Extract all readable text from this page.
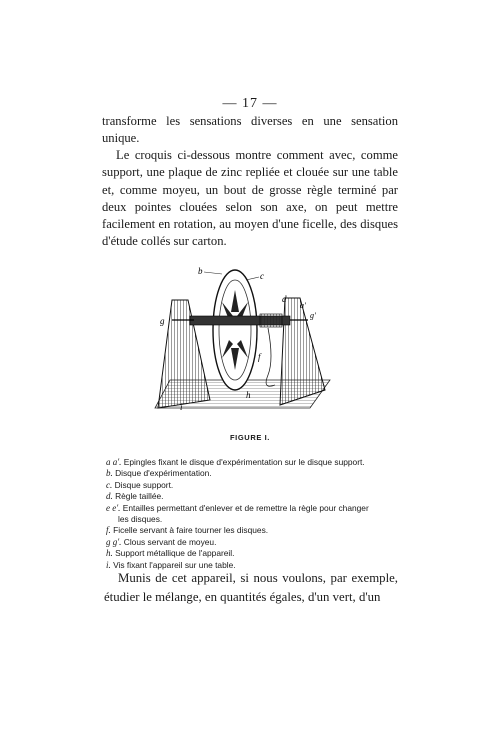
— 17 —

transforme les sensations diverses en une sensation unique.

Le croquis ci-dessous montre comment avec, comme support, une plaque de zinc repliée et clouée sur une table et, comme moyeu, un bout de grosse règle terminé par deux pointes clouées selon son axe, on peut mettre facilement en rotation, au moyen d'une ficelle, des disques d'étude collés sur carton.

b	c
d
a'
g'
g
f
h
i
FIGURE I.
a a'. Epingles fixant le disque d'expérimentation sur le disque support.
b. Disque d'expérimentation.
c. Disque support.
d. Règle taillée.
e e'. Entailles permettant d'enlever et de remettre la règle pour changer
les disques.
f. Ficelle servant à faire tourner les disques.
g g'. Clous servant de moyeu.
h. Support métallique de l'appareil.
i. Vis fixant l'appareil sur une table.

Munis de cet appareil, si nous voulons, par exemple, étudier le mélange, en quantités égales, d'un vert, d'un
